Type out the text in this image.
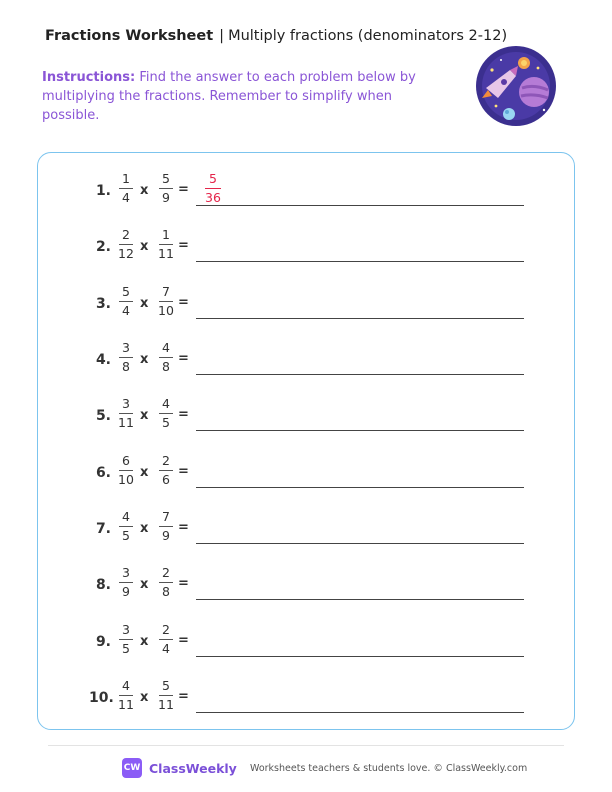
Fractions Worksheet | Multiply fractions (denominators 2-12)
Instructions: Find the answer to each problem below by multiplying the fractions. Remember to simplify when possible.
1.
1
4 x
5
9
=
5
36
2.
2
12 x
1
11
=
3.
5
4 x
7
10
=
4.
3
8 x
4
8
=
5.
3
11 x
4
5
=
6.
6
10 x
2
6
=
7.
4
5 x
7
9
=
8.
3
9 x
2
8
=
9.
3
5 x
2
4
=
10.
4
11 x
5
11
=
CW ClassWeekly Worksheets teachers & students love. © ClassWeekly.com
